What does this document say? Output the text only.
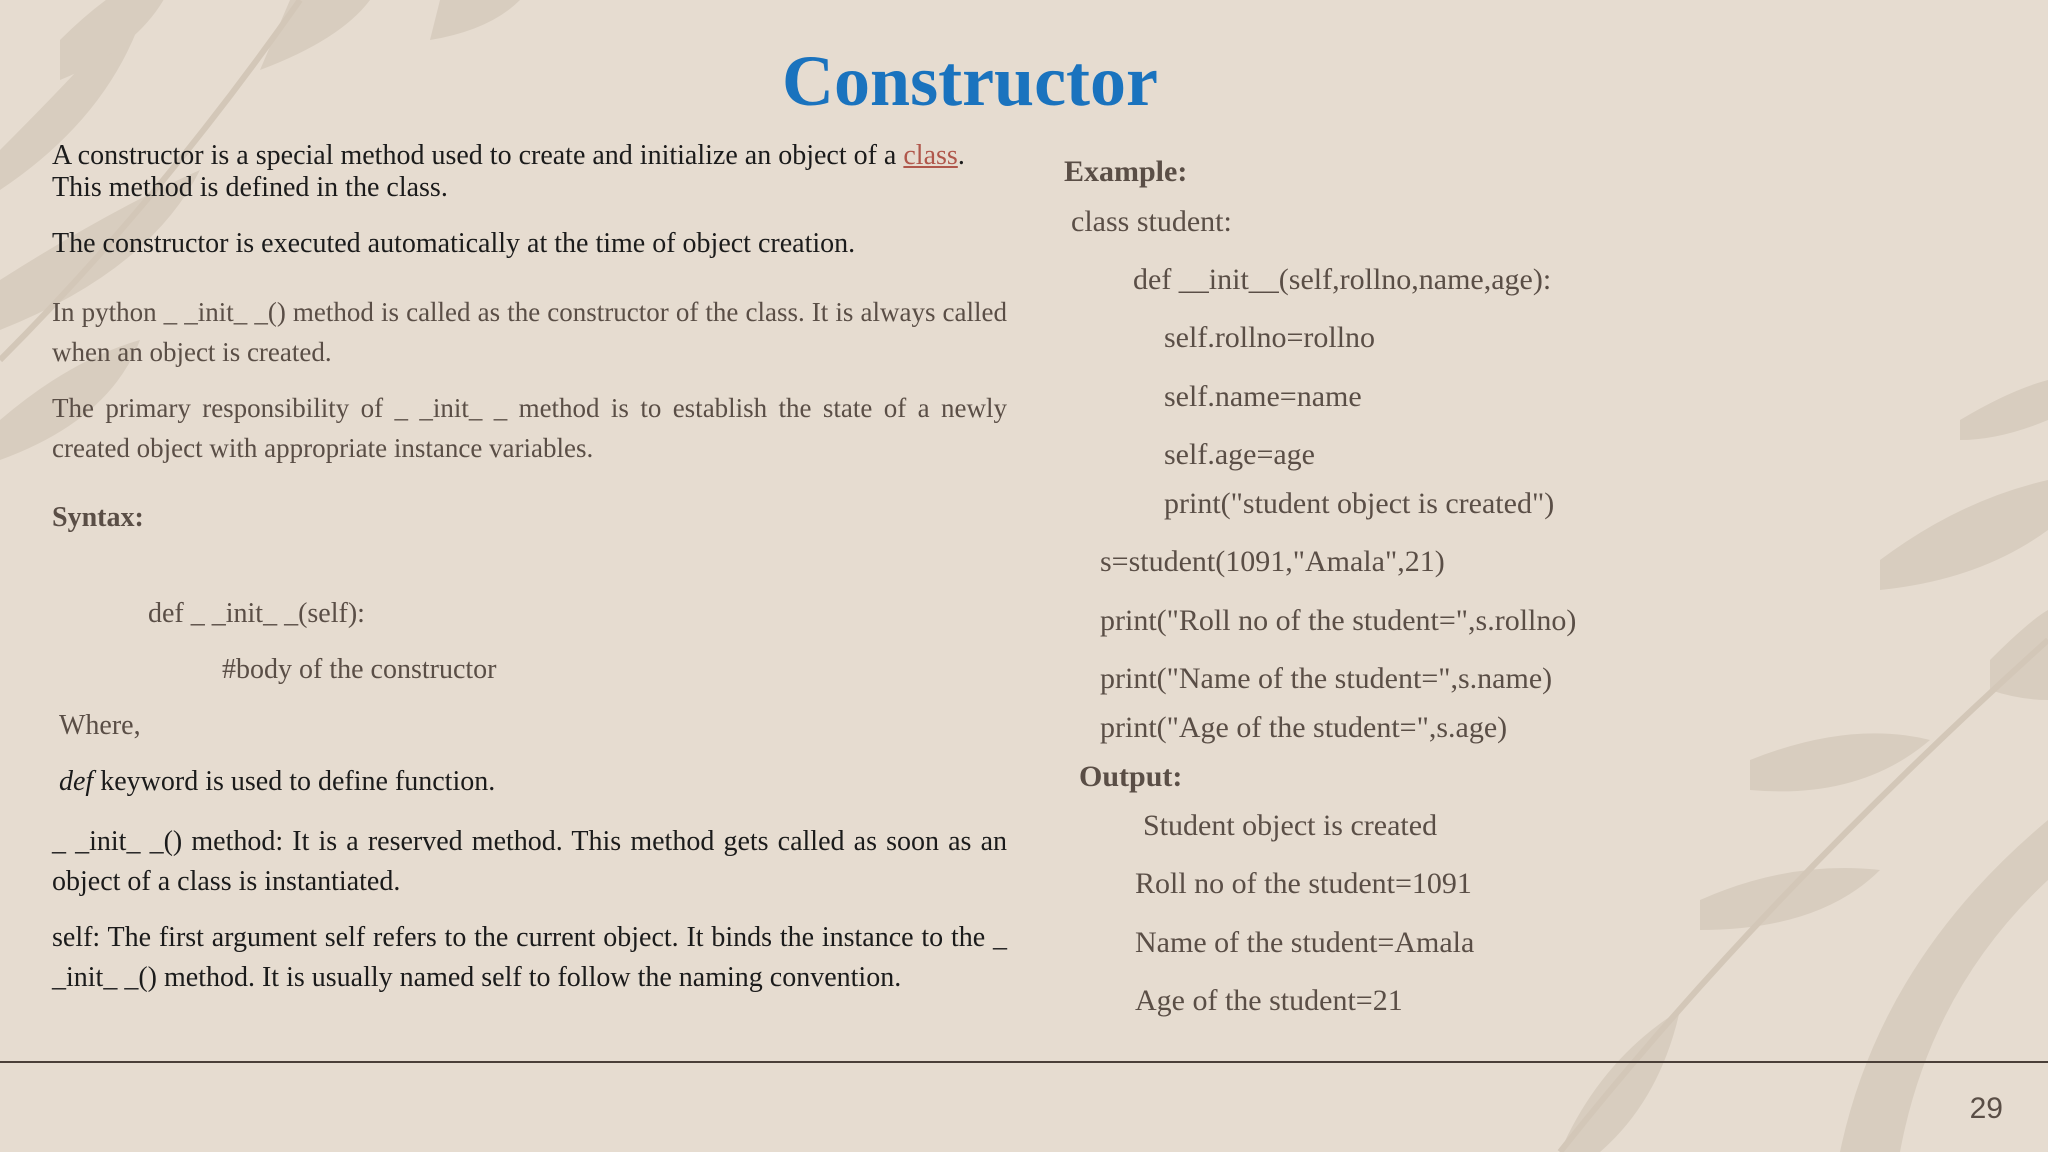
Constructor
A constructor is a special method used to create and initialize an object of a class.
This method is defined in the class.
The constructor is executed automatically at the time of object creation.
In python _ _init_ _() method is called as the constructor of the class. It is always called when an object is created.
The primary responsibility of _ _init_ _ method is to establish the state of a newly created object with appropriate instance variables.
Syntax:
def _ _init_ _(self):
#body of the constructor
Where,
def keyword is used to define function.
_ _init_ _() method: It is a reserved method. This method gets called as soon as an object of a class is instantiated.
self: The first argument self refers to the current object. It binds the instance to the _ _init_ _() method. It is usually named self to follow the naming convention.
Example:
class student:
def __init__(self,rollno,name,age):
self.rollno=rollno
self.name=name
self.age=age
print("student object is created")
s=student(1091,"Amala",21)
print("Roll no of the student=",s.rollno)
print("Name of the student=",s.name)
print("Age of the student=",s.age)
Output:
Student object is created
Roll no of the student=1091
Name of the student=Amala
Age of the student=21
29
